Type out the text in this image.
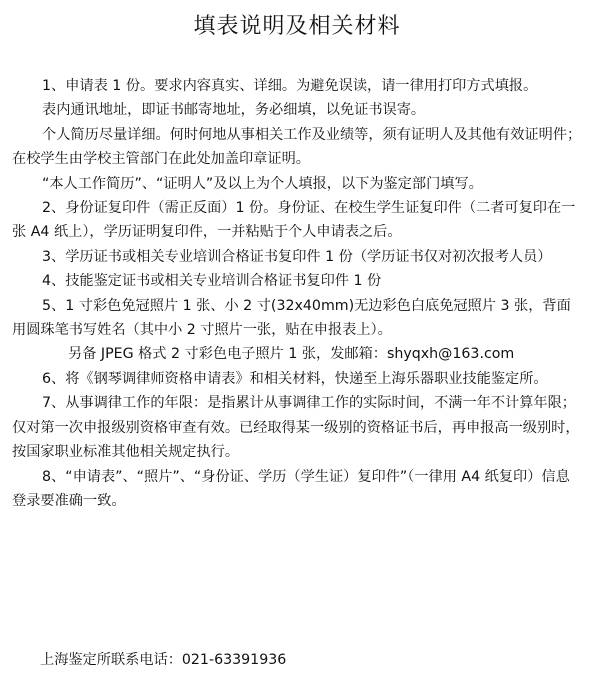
填表说明及相关材料

1、申请表 1 份。要求内容真实、详细。为避免误读，请一律用打印方式填报。

表内通讯地址，即证书邮寄地址，务必细填，以免证书误寄。

个人简历尽量详细。何时何地从事相关工作及业绩等，须有证明人及其他有效证明件；在校学生由学校主管部门在此处加盖印章证明。

“本人工作简历”、“证明人”及以上为个人填报，以下为鉴定部门填写。

2、身份证复印件（需正反面）1 份。身份证、在校生学生证复印件（二者可复印在一张 A4 纸上），学历证明复印件，一并粘贴于个人申请表之后。

3、学历证书或相关专业培训合格证书复印件 1 份（学历证书仅对初次报考人员）

4、技能鉴定证书或相关专业培训合格证书复印件 1 份

5、1 寸彩色免冠照片 1 张、小 2 寸(32x40mm)无边彩色白底免冠照片 3 张，背面用圆珠笔书写姓名（其中小 2 寸照片一张，贴在申报表上）。

另备 JPEG 格式 2 寸彩色电子照片 1 张，发邮箱：shyqxh@163.com

6、将《钢琴调律师资格申请表》和相关材料，快递至上海乐器职业技能鉴定所。

7、从事调律工作的年限：是指累计从事调律工作的实际时间，不满一年不计算年限；仅对第一次申报级别资格审查有效。已经取得某一级别的资格证书后，再申报高一级别时，按国家职业标准其他相关规定执行。

8、“申请表”、“照片”、“身份证、学历（学生证）复印件”（一律用 A4 纸复印）信息登录要准确一致。

上海鉴定所联系电话：021-63391936
